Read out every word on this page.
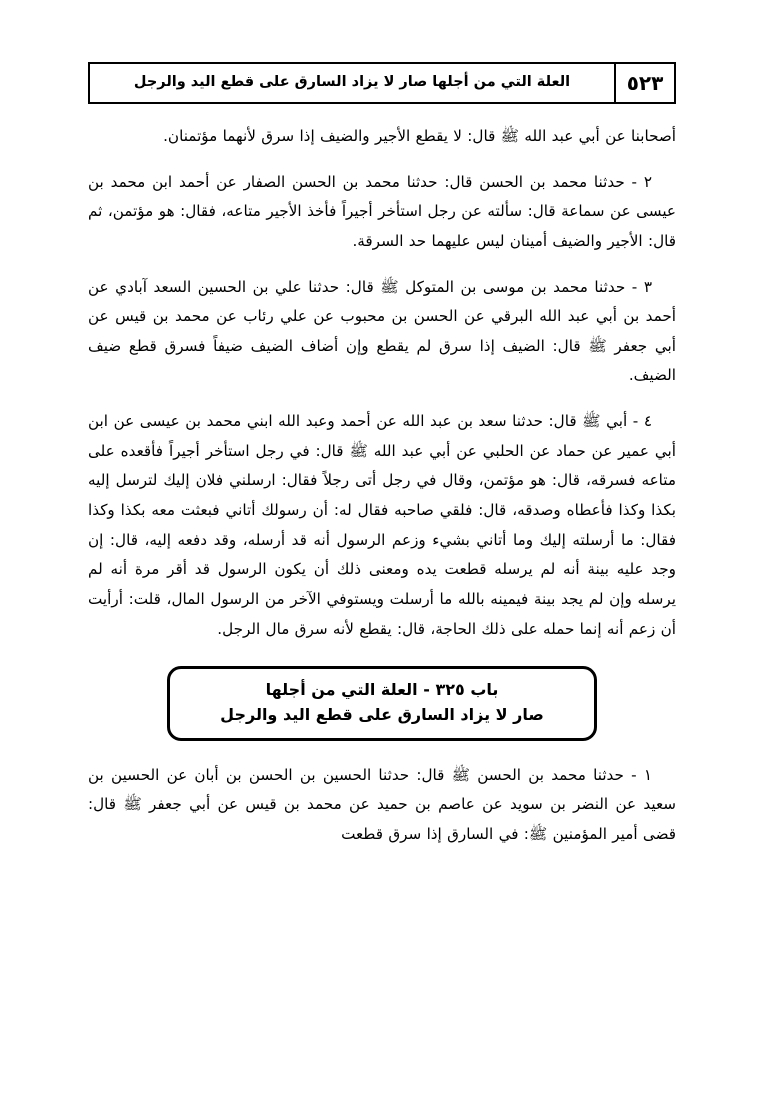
٥٢٣
العلة التي من أجلها صار لا يزاد السارق على قطع اليد والرجل

أصحابنا عن أبي عبد الله ﷺ قال: لا يقطع الأجير والضيف إذا سرق لأنهما مؤتمنان.

٢ - حدثنا محمد بن الحسن قال: حدثنا محمد بن الحسن الصفار عن أحمد ابن محمد بن عيسى عن سماعة قال: سألته عن رجل استأخر أجيراً فأخذ الأجير متاعه، فقال: هو مؤتمن، ثم قال: الأجير والضيف أمينان ليس عليهما حد السرقة.

٣ - حدثنا محمد بن موسى بن المتوكل ﷺ قال: حدثنا علي بن الحسين السعد آبادي عن أحمد بن أبي عبد الله البرقي عن الحسن بن محبوب عن علي رئاب عن محمد بن قيس عن أبي جعفر ﷺ قال: الضيف إذا سرق لم يقطع وإن أضاف الضيف ضيفاً فسرق قطع ضيف الضيف.

٤ - أبي ﷺ قال: حدثنا سعد بن عبد الله عن أحمد وعبد الله ابني محمد بن عيسى عن ابن أبي عمير عن حماد عن الحلبي عن أبي عبد الله ﷺ قال: في رجل استأخر أجيراً فأقعده على متاعه فسرقه، قال: هو مؤتمن، وقال في رجل أتى رجلاً فقال: ارسلني فلان إليك لترسل إليه بكذا وكذا فأعطاه وصدقه، قال: فلقي صاحبه فقال له: أن رسولك أتاني فبعثت معه بكذا وكذا فقال: ما أرسلته إليك وما أتاني بشيء وزعم الرسول أنه قد أرسله، وقد دفعه إليه، قال: إن وجد عليه بينة أنه لم يرسله قطعت يده ومعنى ذلك أن يكون الرسول قد أقر مرة أنه لم يرسله وإن لم يجد بينة فيمينه بالله ما أرسلت ويستوفي الآخر من الرسول المال، قلت: أرأيت أن زعم أنه إنما حمله على ذلك الحاجة، قال: يقطع لأنه سرق مال الرجل.

باب ٣٢٥ - العلة التي من أجلها
صار لا يزاد السارق على قطع اليد والرجل

١ - حدثنا محمد بن الحسن ﷺ قال: حدثنا الحسين بن الحسن بن أبان عن الحسين بن سعيد عن النضر بن سويد عن عاصم بن حميد عن محمد بن قيس عن أبي جعفر ﷺ قال: قضى أمير المؤمنين ﷺ: في السارق إذا سرق قطعت
